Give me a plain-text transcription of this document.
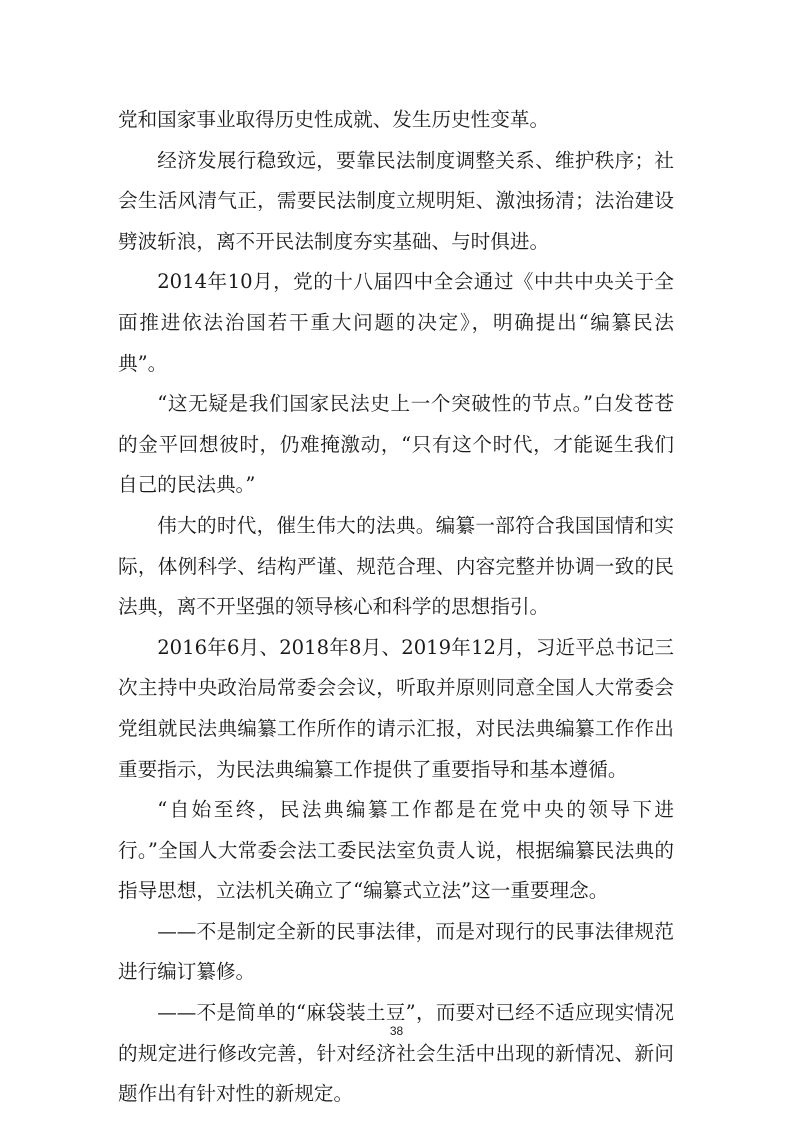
党和国家事业取得历史性成就、发生历史性变革。

经济发展行稳致远，要靠民法制度调整关系、维护秩序；社会生活风清气正，需要民法制度立规明矩、激浊扬清；法治建设劈波斩浪，离不开民法制度夯实基础、与时俱进。

2014年10月，党的十八届四中全会通过《中共中央关于全面推进依法治国若干重大问题的决定》，明确提出“编纂民法典”。

“这无疑是我们国家民法史上一个突破性的节点。”白发苍苍的金平回想彼时，仍难掩激动，“只有这个时代，才能诞生我们自己的民法典。”

伟大的时代，催生伟大的法典。编纂一部符合我国国情和实际，体例科学、结构严谨、规范合理、内容完整并协调一致的民法典，离不开坚强的领导核心和科学的思想指引。

2016年6月、2018年8月、2019年12月，习近平总书记三次主持中央政治局常委会会议，听取并原则同意全国人大常委会党组就民法典编纂工作所作的请示汇报，对民法典编纂工作作出重要指示，为民法典编纂工作提供了重要指导和基本遵循。

“自始至终，民法典编纂工作都是在党中央的领导下进行。”全国人大常委会法工委民法室负责人说，根据编纂民法典的指导思想，立法机关确立了“编纂式立法”这一重要理念。

——不是制定全新的民事法律，而是对现行的民事法律规范进行编订纂修。

——不是简单的“麻袋装土豆”，而要对已经不适应现实情况的规定进行修改完善，针对经济社会生活中出现的新情况、新问题作出有针对性的新规定。

38
